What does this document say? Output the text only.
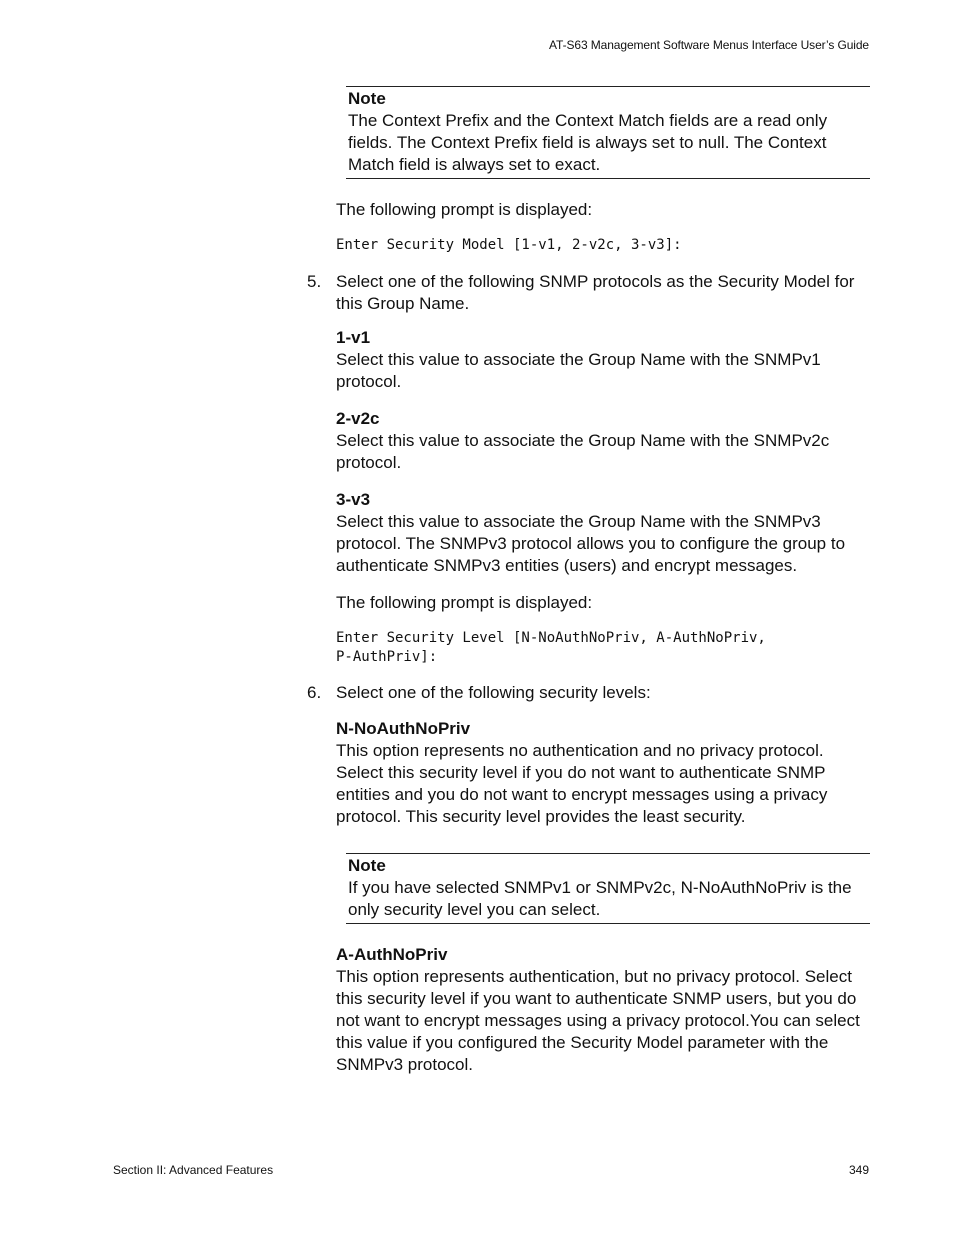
AT-S63 Management Software Menus Interface User’s Guide

Note

The Context Prefix and the Context Match fields are a read only fields. The Context Prefix field is always set to null. The Context Match field is always set to exact.

The following prompt is displayed:

Enter Security Model [1-v1, 2-v2c, 3-v3]:

5. Select one of the following SNMP protocols as the Security Model for this Group Name.

1-v1

Select this value to associate the Group Name with the SNMPv1 protocol.

2-v2c

Select this value to associate the Group Name with the SNMPv2c protocol.

3-v3

Select this value to associate the Group Name with the SNMPv3 protocol. The SNMPv3 protocol allows you to configure the group to authenticate SNMPv3 entities (users) and encrypt messages.

The following prompt is displayed:

Enter Security Level [N-NoAuthNoPriv, A-AuthNoPriv,

P-AuthPriv]:

6. Select one of the following security levels:

N-NoAuthNoPriv

This option represents no authentication and no privacy protocol. Select this security level if you do not want to authenticate SNMP entities and you do not want to encrypt messages using a privacy protocol. This security level provides the least security.

Note

If you have selected SNMPv1 or SNMPv2c, N-NoAuthNoPriv is the only security level you can select.

A-AuthNoPriv

This option represents authentication, but no privacy protocol. Select this security level if you want to authenticate SNMP users, but you do not want to encrypt messages using a privacy protocol.You can select this value if you configured the Security Model parameter with the SNMPv3 protocol.

Section II: Advanced Features	349
